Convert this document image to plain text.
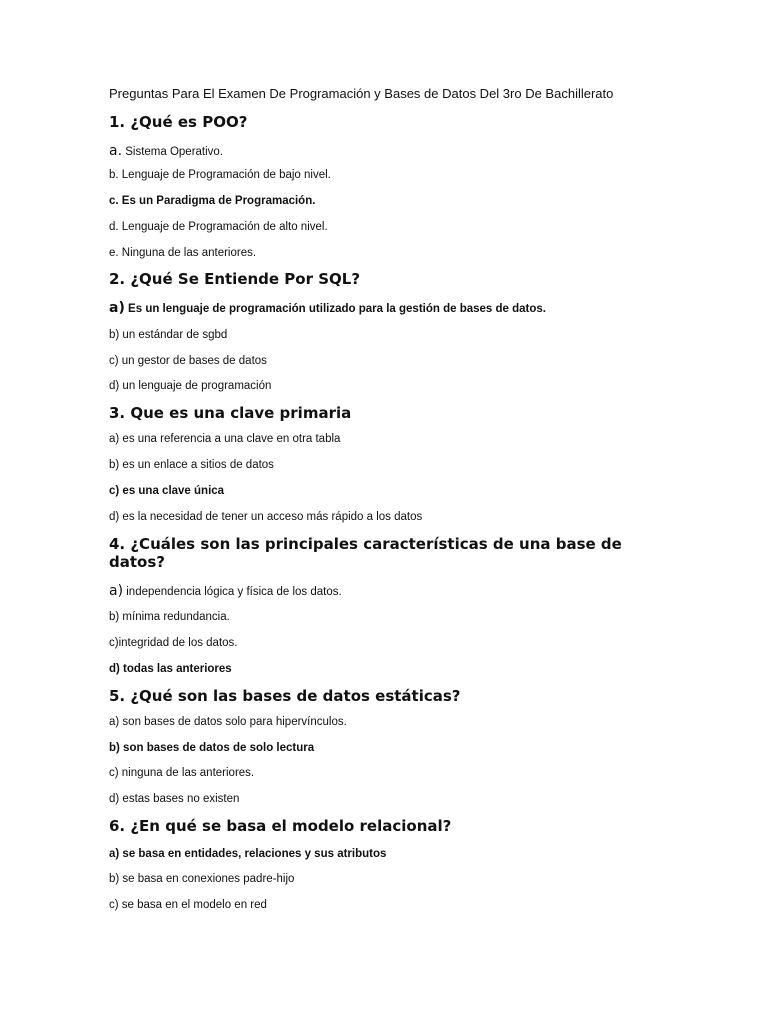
Preguntas Para El Examen De Programación y Bases de Datos Del 3ro De Bachillerato
1. ¿Qué es POO?
a. Sistema Operativo.
b. Lenguaje de Programación de bajo nivel.
c. Es un Paradigma de Programación.
d. Lenguaje de Programación de alto nivel.
e. Ninguna de las anteriores.
2. ¿Qué Se Entiende Por SQL?
a) Es un lenguaje de programación utilizado para la gestión de bases de datos.
b) un estándar de sgbd
c) un gestor de bases de datos
d) un lenguaje de programación
3. Que es una clave primaria
a) es una referencia a una clave en otra tabla
b) es un enlace a sitios de datos
c) es una clave única
d) es la necesidad de tener un acceso más rápido a los datos
4. ¿Cuáles son las principales características de una base de datos?
a) independencia lógica y física de los datos.
b) mínima redundancia.
c)integridad de los datos.
d) todas las anteriores
5. ¿Qué son las bases de datos estáticas?
a) son bases de datos solo para hipervínculos.
b) son bases de datos de solo lectura
c) ninguna de las anteriores.
d) estas bases no existen
6. ¿En qué se basa el modelo relacional?
a) se basa en entidades, relaciones y sus atributos
b) se basa en conexiones padre-hijo
c) se basa en el modelo en red
